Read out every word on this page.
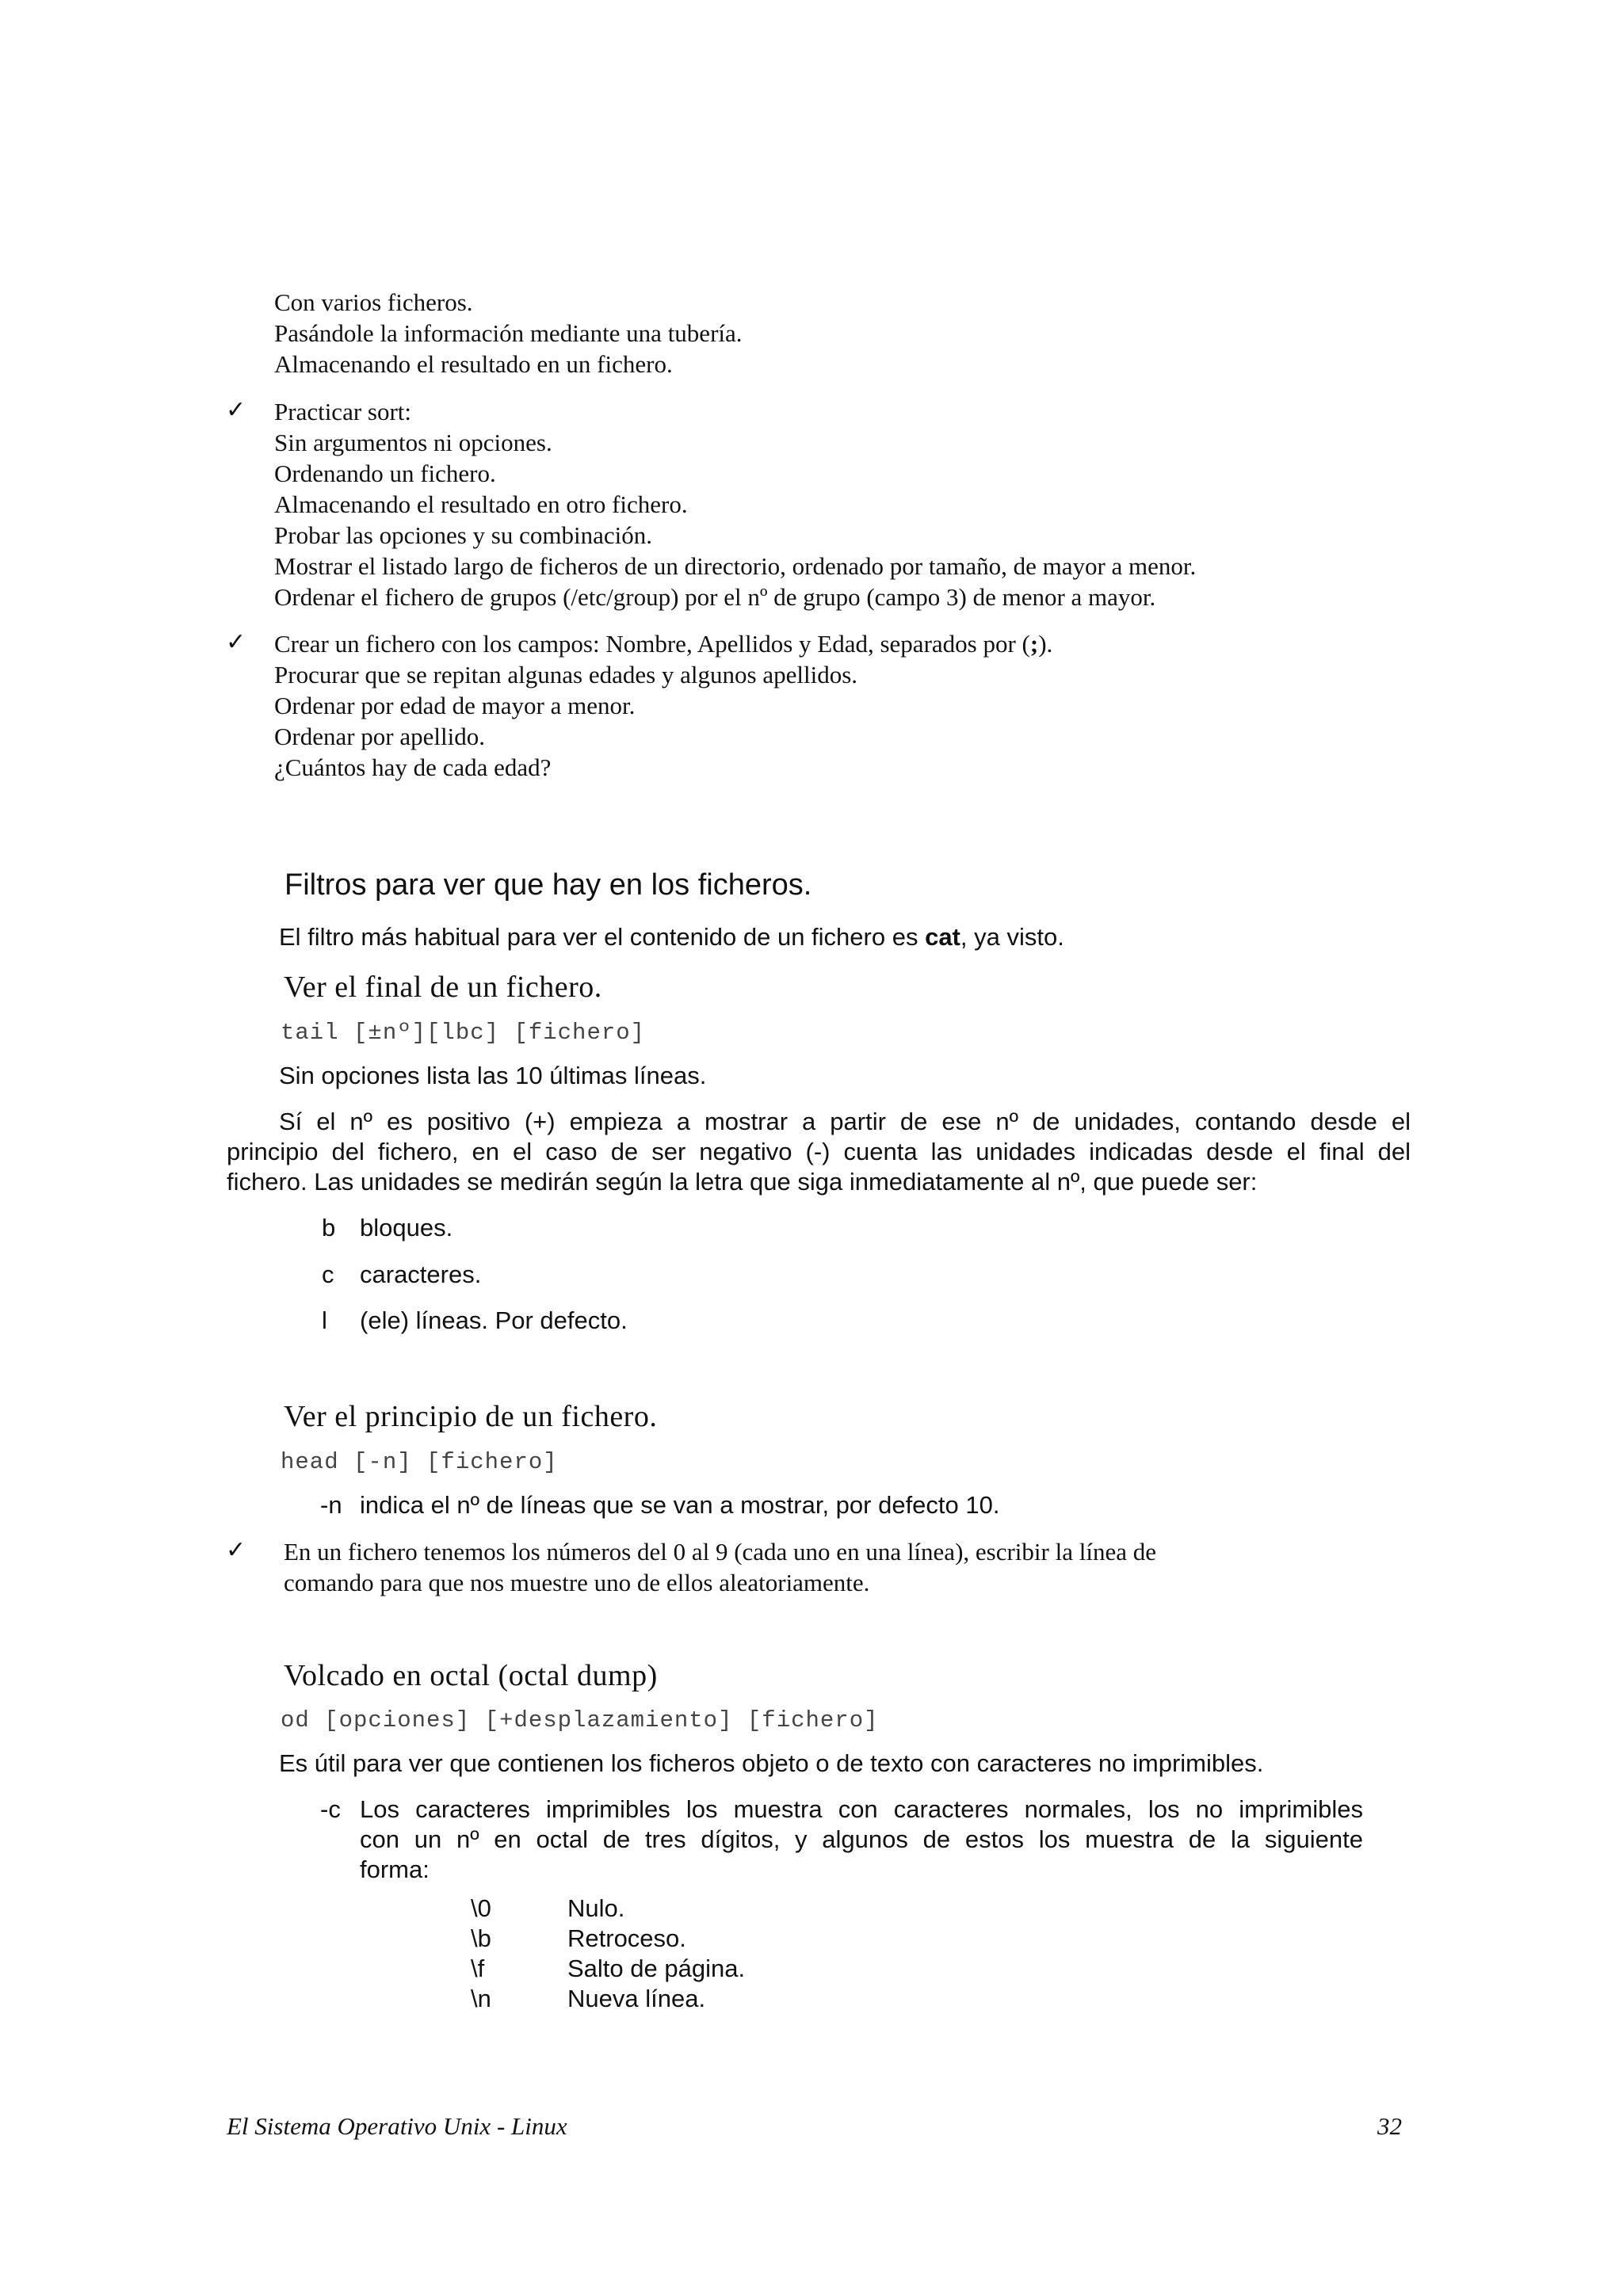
Con varios ficheros.
Pasándole la información mediante una tubería.
Almacenando el resultado en un fichero.
✓ Practicar sort:
Sin argumentos ni opciones.
Ordenando un fichero.
Almacenando el resultado en otro fichero.
Probar las opciones y su combinación.
Mostrar el listado largo de ficheros de un directorio, ordenado por tamaño, de mayor a menor.
Ordenar el fichero de grupos (/etc/group) por el nº de grupo (campo 3) de menor a mayor.
✓ Crear un fichero con los campos: Nombre, Apellidos y Edad, separados por (;).
Procurar que se repitan algunas edades y algunos apellidos.
Ordenar por edad de mayor a menor.
Ordenar por apellido.
¿Cuántos hay de cada edad?
Filtros para ver que hay en los ficheros.
El filtro más habitual para ver el contenido de un fichero es cat, ya visto.
Ver el final de un fichero.
tail [±nº][lbc] [fichero]
Sin opciones lista las 10 últimas líneas.
Sí el nº es positivo (+) empieza a mostrar a partir de ese nº de unidades, contando desde el
principio del fichero, en el caso de ser negativo (-) cuenta las unidades indicadas desde el final del
fichero. Las unidades se medirán según la letra que siga inmediatamente al nº, que puede ser:
b bloques.
c caracteres.
l (ele) líneas. Por defecto.
Ver el principio de un fichero.
head [-n] [fichero]
-n indica el nº de líneas que se van a mostrar, por defecto 10.
✓ En un fichero tenemos los números del 0 al 9 (cada uno en una línea), escribir la línea de
comando para que nos muestre uno de ellos aleatoriamente.
Volcado en octal (octal dump)
od [opciones] [+desplazamiento] [fichero]
Es útil para ver que contienen los ficheros objeto o de texto con caracteres no imprimibles.
-c Los caracteres imprimibles los muestra con caracteres normales, los no imprimibles
con un nº en octal de tres dígitos, y algunos de estos los muestra de la siguiente
forma:
\0	Nulo.
\b	Retroceso.
\f	Salto de página.
\n	Nueva línea.
El Sistema Operativo Unix - Linux	32
